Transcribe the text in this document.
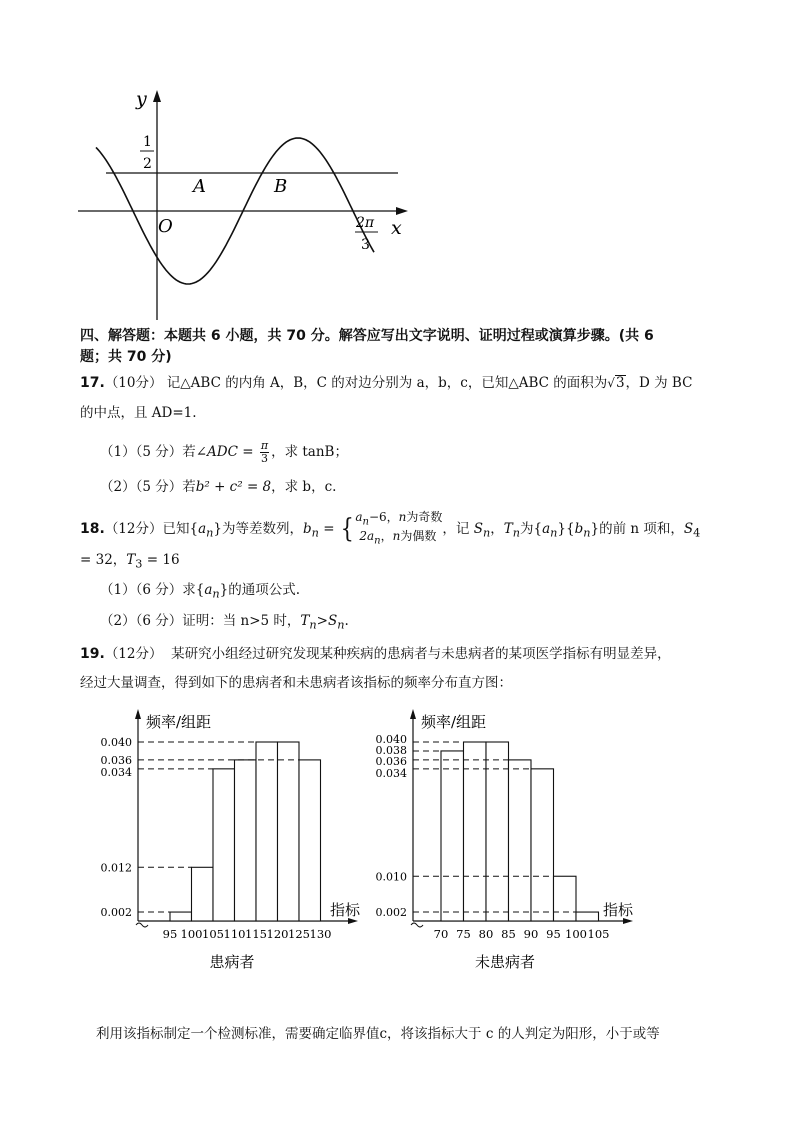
y
x
O
A	B
1
2
2π
3
四、解答题：本题共 6 小题，共 70 分。解答应写出文字说明、证明过程或演算步骤。(共 6
题；共 70 分)
17.（10分） 记△ABC 的内角 A，B，C 的对边分别为 a，b，c，已知△ABC 的面积为√3，D 为 BC
的中点，且 AD=1.
（1）（5 分）若∠ADC = $\frac{\pi}{3}$ ，求 tanB；
（2）（5 分）若b² + c² = 8，求 b，c.
18.（12分）已知$\{a_n\}$为等差数列，$b_n$ = { $a_n-6$，n为奇数
$2a_n$，n为偶数 ，记 $S_n$，$T_n$为$\{a_n\}\{b_n\}$的前 n 项和，$S_4$
= 32，$T_3 = 16$
（1）（6 分）求$\{a_n\}$的通项公式.
（2）（6 分）证明：当 n>5 时，$T_n>S_n$.
19.（12分） 某研究小组经过研究发现某种疾病的患病者与未患病者的某项医学指标有明显差异，
经过大量调查，得到如下的患病者和未患病者该指标的频率分布直方图：
0.002
0.012
0.034
0.036
0.040
95 100 105 110 115 120 125 130
频率/组距
指标
患病者
0.002
0.010
0.034
0.036
0.038
0.040
70 75 80 85 90 95 100 105
频率/组距
指标
未患病者
利用该指标制定一个检测标准，需要确定临界值c，将该指标大于 c 的人判定为阳形，小于或等
